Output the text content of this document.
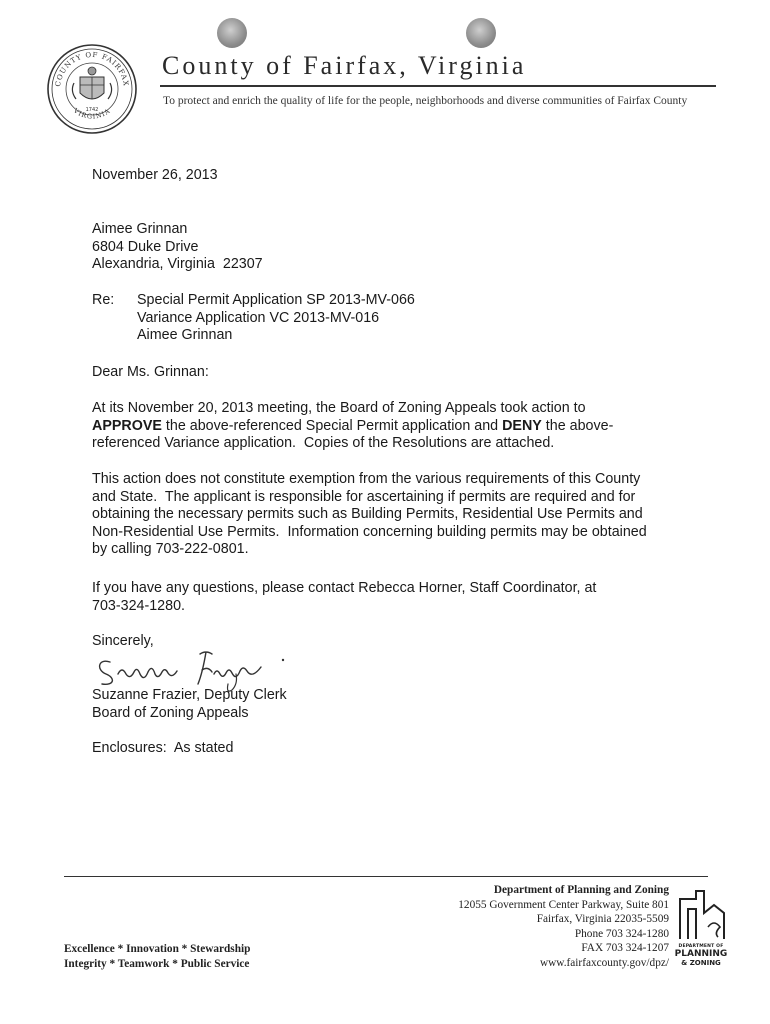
COUNTY OF FAIRFAX
VIRGINIA
1742
County of Fairfax, Virginia
To protect and enrich the quality of life for the people, neighborhoods and diverse communities of Fairfax County
November 26, 2013
Aimee Grinnan
6804 Duke Drive
Alexandria, Virginia  22307
Re: Special Permit Application SP 2013-MV-066
Variance Application VC 2013-MV-016
Aimee Grinnan
Dear Ms. Grinnan:
At its November 20, 2013 meeting, the Board of Zoning Appeals took action to
APPROVE the above-referenced Special Permit application and DENY the above-
referenced Variance application.  Copies of the Resolutions are attached.
This action does not constitute exemption from the various requirements of this County
and State.  The applicant is responsible for ascertaining if permits are required and for
obtaining the necessary permits such as Building Permits, Residential Use Permits and
Non-Residential Use Permits.  Information concerning building permits may be obtained
by calling 703-222-0801.
If you have any questions, please contact Rebecca Horner, Staff Coordinator, at
703-324-1280.
Sincerely,
Suzanne Frazier, Deputy Clerk
Board of Zoning Appeals
Enclosures:  As stated
Department of Planning and Zoning
12055 Government Center Parkway, Suite 801
Fairfax, Virginia 22035-5509
Phone 703 324-1280
FAX 703 324-1207
www.fairfaxcounty.gov/dpz/
Excellence * Innovation * Stewardship
Integrity * Teamwork * Public Service
DEPARTMENT OF
PLANNING
& ZONING
